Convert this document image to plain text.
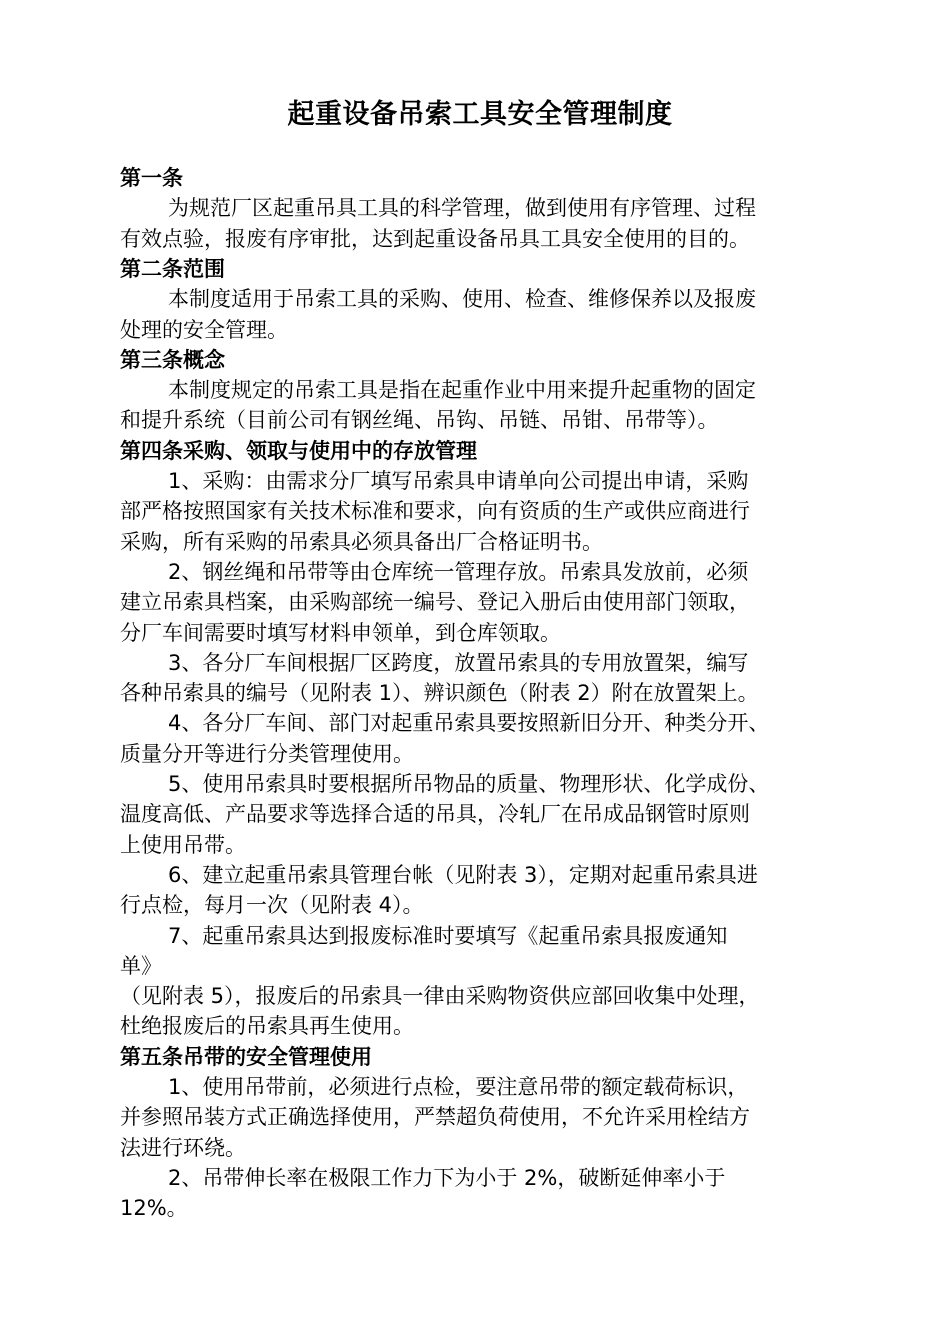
起重设备吊索工具安全管理制度
第一条
为规范厂区起重吊具工具的科学管理，做到使用有序管理、过程
有效点验，报废有序审批，达到起重设备吊具工具安全使用的目的。
第二条范围
本制度适用于吊索工具的采购、使用、检查、维修保养以及报废
处理的安全管理。
第三条概念
本制度规定的吊索工具是指在起重作业中用来提升起重物的固定
和提升系统（目前公司有钢丝绳、吊钩、吊链、吊钳、吊带等）。
第四条采购、领取与使用中的存放管理
1、采购：由需求分厂填写吊索具申请单向公司提出申请，采购
部严格按照国家有关技术标准和要求，向有资质的生产或供应商进行
采购，所有采购的吊索具必须具备出厂合格证明书。
2、钢丝绳和吊带等由仓库统一管理存放。吊索具发放前，必须
建立吊索具档案，由采购部统一编号、登记入册后由使用部门领取，
分厂车间需要时填写材料申领单，到仓库领取。
3、各分厂车间根据厂区跨度，放置吊索具的专用放置架，编写
各种吊索具的编号（见附表 1）、辨识颜色（附表 2）附在放置架上。
4、各分厂车间、部门对起重吊索具要按照新旧分开、种类分开、
质量分开等进行分类管理使用。
5、使用吊索具时要根据所吊物品的质量、物理形状、化学成份、
温度高低、产品要求等选择合适的吊具，冷轧厂在吊成品钢管时原则
上使用吊带。
6、建立起重吊索具管理台帐（见附表 3），定期对起重吊索具进
行点检，每月一次（见附表 4）。
7、起重吊索具达到报废标准时要填写《起重吊索具报废通知
单》
（见附表 5），报废后的吊索具一律由采购物资供应部回收集中处理，
杜绝报废后的吊索具再生使用。
第五条吊带的安全管理使用
1、使用吊带前，必须进行点检，要注意吊带的额定载荷标识，
并参照吊装方式正确选择使用，严禁超负荷使用，不允许采用栓结方
法进行环绕。
2、吊带伸长率在极限工作力下为小于 2%，破断延伸率小于
12%。
